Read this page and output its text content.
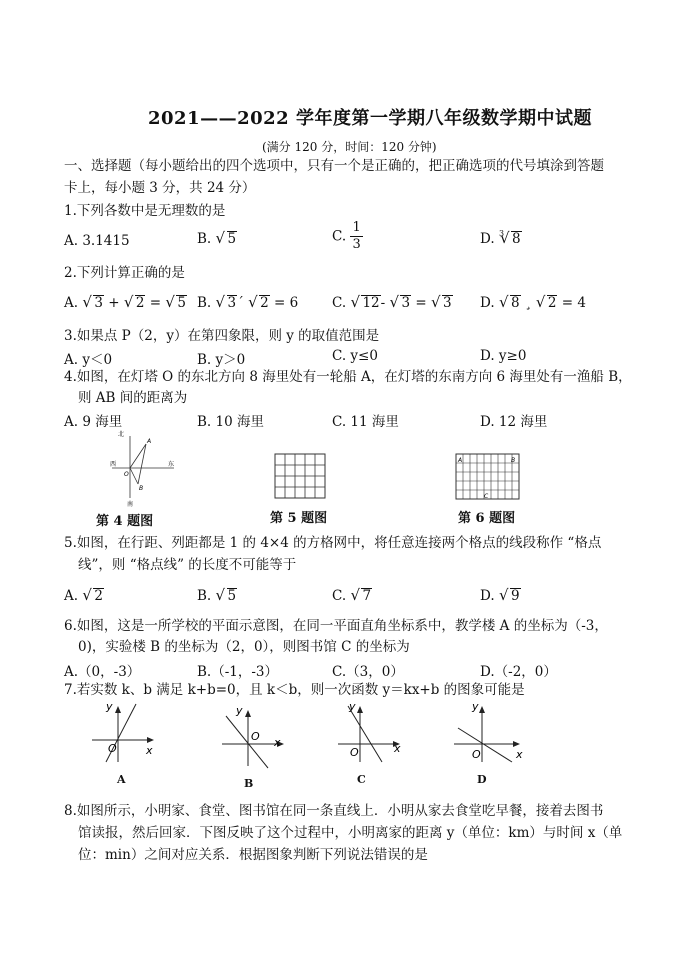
2021——2022 学年度第一学期八年级数学期中试题
(满分 120 分，时间：120 分钟)
一、选择题（每小题给出的四个选项中，只有一个是正确的，把正确选项的代号填涂到答题
卡上，每小题 3 分，共 24 分）
1.下列各数中是无理数的是
A. 3.1415	B. √ 5	C. $\frac{1}{3}$	D. $^3$ √ 8
2.下列计算正确的是
A. √ 3 + √ 2 = √ 5 B. √ 3´ √ 2 = 6	C. √ 12- √ 3 = √ 3 D. √ 8 ¸ √ 2 = 4
3.如果点 P（2，y）在第四象限，则 y 的取值范围是
A. y＜0	B. y＞0	C. y≤0	D. y≥0
4.如图，在灯塔 O 的东北方向 8 海里处有一轮船 A，在灯塔的东南方向 6 海里处有一渔船 B，
则 AB 间的距离为
A. 9 海里	B. 10 海里	C. 11 海里	D. 12 海里
北
南
西	东
O
A
B
第 4 题图	第 5 题图
A	B
C
第 6 题图
5.如图，在行距、列距都是 1 的 4×4 的方格网中，将任意连接两个格点的线段称作 “格点
线”，则 “格点线” 的长度不可能等于
A. √ 2	B. √ 5	C. √ 7	D. √ 9
6.如图，这是一所学校的平面示意图，在同一平面直角坐标系中，教学楼 A 的坐标为（-3，
0)，实验楼 B 的坐标为（2，0），则图书馆 C 的坐标为
A.（0，-3）	B.（-1，-3）	C.（3，0）	D.（-2，0）
7.若实数 k、b 满足 k+b=0，且 k＜b，则一次函数 y＝kx+b 的图象可能是
y
x
O
A
y
x
O
B
y
x
O
C
y
x
O
D
8.如图所示，小明家、食堂、图书馆在同一条直线上．小明从家去食堂吃早餐，接着去图书
馆读报，然后回家．下图反映了这个过程中，小明离家的距离 y（单位：km）与时间 x（单
位：min）之间对应关系．根据图象判断下列说法错误的是
